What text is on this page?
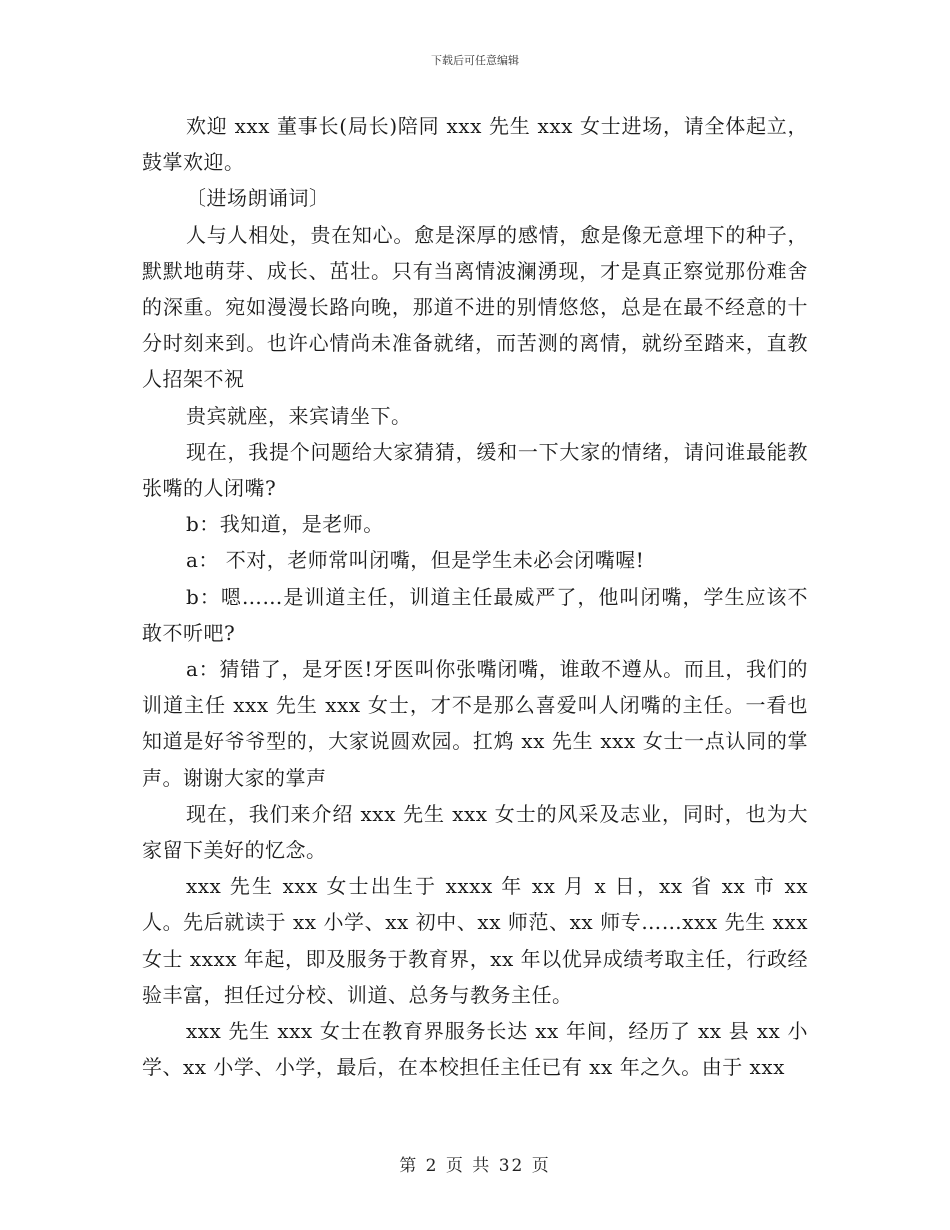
下载后可任意编辑

欢迎 xxx 董事长(局长)陪同 xxx 先生 xxx 女士进场，请全体起立，鼓掌欢迎。

〔进场朗诵词〕

人与人相处，贵在知心。愈是深厚的感情，愈是像无意埋下的种子，默默地萌芽、成长、茁壮。只有当离情波澜湧现，才是真正察觉那份难舍的深重。宛如漫漫长路向晚，那道不进的别情悠悠，总是在最不经意的十分时刻来到。也许心情尚未准备就绪，而苦测的离情，就纷至踏来，直教人招架不祝

贵宾就座，来宾请坐下。

现在，我提个问题给大家猜猜，缓和一下大家的情绪，请问谁最能教张嘴的人闭嘴?

b：我知道，是老师。

a： 不对，老师常叫闭嘴，但是学生未必会闭嘴喔!

b：嗯……是训道主任，训道主任最威严了，他叫闭嘴，学生应该不敢不听吧?

a：猜错了，是牙医!牙医叫你张嘴闭嘴，谁敢不遵从。而且，我们的训道主任 xxx 先生 xxx 女士，才不是那么喜爱叫人闭嘴的主任。一看也知道是好爷爷型的，大家说圆欢园。扛鸩 xx 先生 xxx 女士一点认同的掌声。谢谢大家的掌声

现在，我们来介绍 xxx 先生 xxx 女士的风采及志业，同时，也为大家留下美好的忆念。

xxx 先生 xxx 女士出生于 xxxx 年 xx 月 x 日，xx 省 xx 市 xx 人。先后就读于 xx 小学、xx 初中、xx 师范、xx 师专……xxx 先生 xxx 女士 xxxx 年起，即及服务于教育界，xx 年以优异成绩考取主任，行政经验丰富，担任过分校、训道、总务与教务主任。

xxx 先生 xxx 女士在教育界服务长达 xx 年间，经历了 xx 县 xx 小学、xx 小学、小学，最后，在本校担任主任已有 xx 年之久。由于 xxx

第 2 页 共 32 页
